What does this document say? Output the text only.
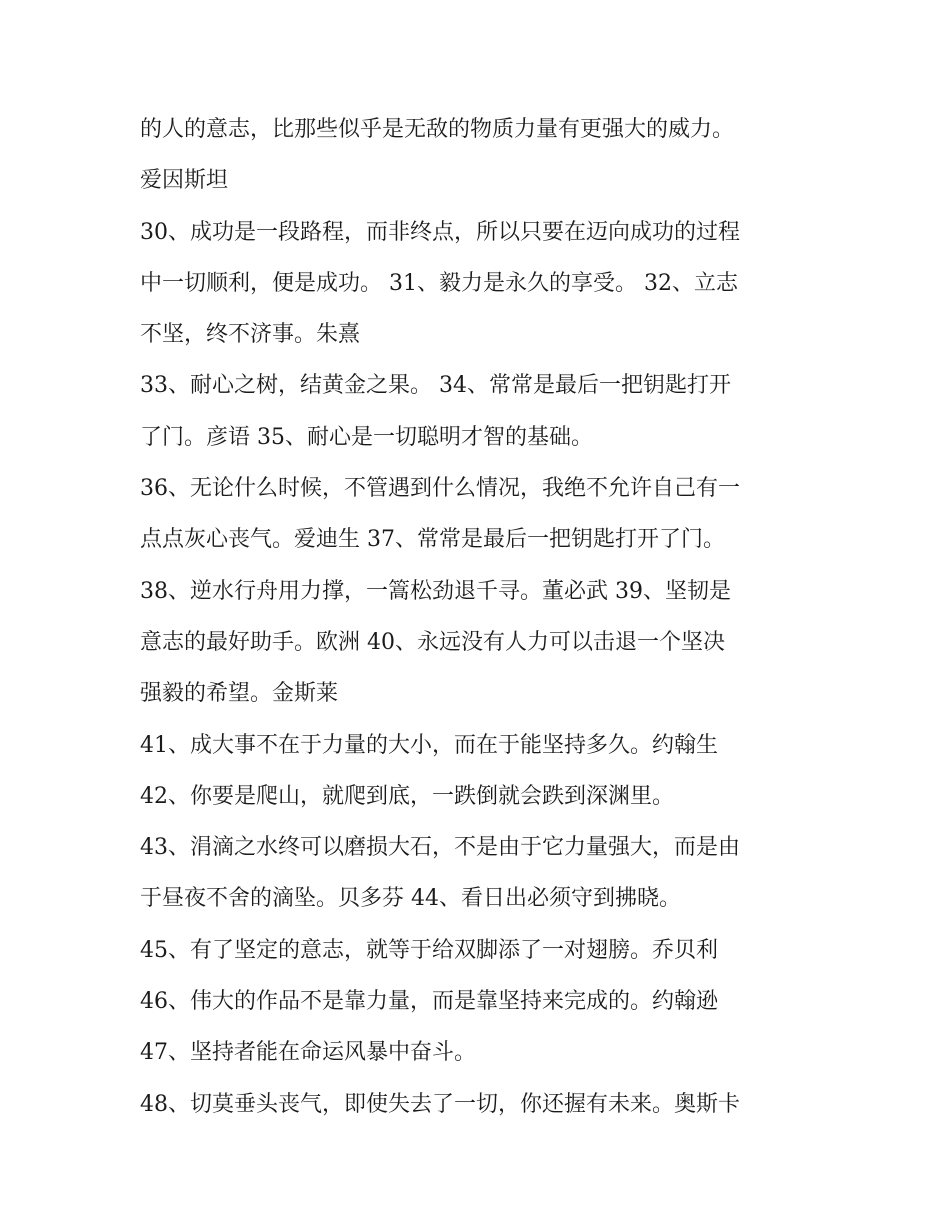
的人的意志，比那些似乎是无敌的物质力量有更强大的威力。
爱因斯坦
30、成功是一段路程，而非终点，所以只要在迈向成功的过程
中一切顺利，便是成功。 31、毅力是永久的享受。 32、立志
不坚，终不济事。朱熹
33、耐心之树，结黄金之果。 34、常常是最后一把钥匙打开
了门。彦语 35、耐心是一切聪明才智的基础。
36、无论什么时候，不管遇到什么情况，我绝不允许自己有一
点点灰心丧气。爱迪生 37、常常是最后一把钥匙打开了门。
38、逆水行舟用力撑，一篙松劲退千寻。董必武 39、坚韧是
意志的最好助手。欧洲 40、永远没有人力可以击退一个坚决
强毅的希望。金斯莱
41、成大事不在于力量的大小，而在于能坚持多久。约翰生
42、你要是爬山，就爬到底，一跌倒就会跌到深渊里。
43、涓滴之水终可以磨损大石，不是由于它力量强大，而是由
于昼夜不舍的滴坠。贝多芬 44、看日出必须守到拂晓。
45、有了坚定的意志，就等于给双脚添了一对翅膀。乔贝利
46、伟大的作品不是靠力量，而是靠坚持来完成的。约翰逊
47、坚持者能在命运风暴中奋斗。
48、切莫垂头丧气，即使失去了一切，你还握有未来。奥斯卡
